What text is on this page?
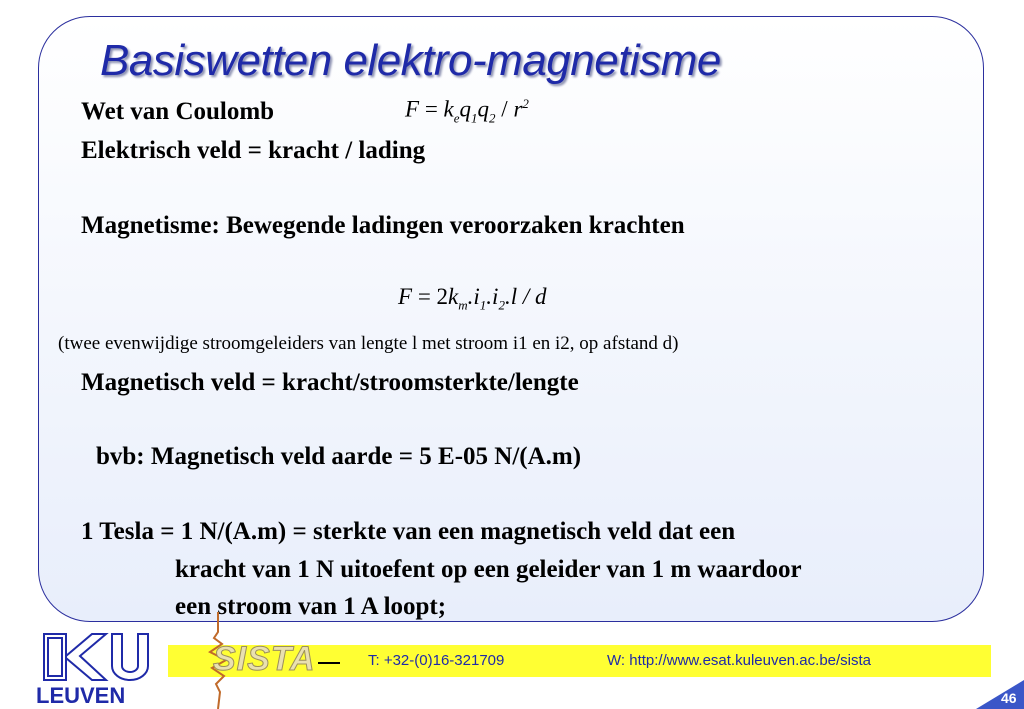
Basiswetten elektro-magnetisme
Wet van Coulomb	$F = k_eq_1q_2 / r^2$
Elektrisch veld = kracht / lading
Magnetisme: Bewegende ladingen veroorzaken krachten
$F = 2k_m.i_1.i_2.l / d$
(twee evenwijdige stroomgeleiders van lengte l met stroom i1 en i2, op afstand d)
Magnetisch veld = kracht/stroomsterkte/lengte
bvb: Magnetisch veld aarde = 5 E-05 N/(A.m)
1 Tesla = 1 N/(A.m) = sterkte van een magnetisch veld dat een
kracht van 1 N uitoefent op een geleider van 1 m waardoor
een stroom van 1 A loopt;
LEUVEN
SISTA	T: +32-(0)16-321709	W: http://www.esat.kuleuven.ac.be/sista
46
